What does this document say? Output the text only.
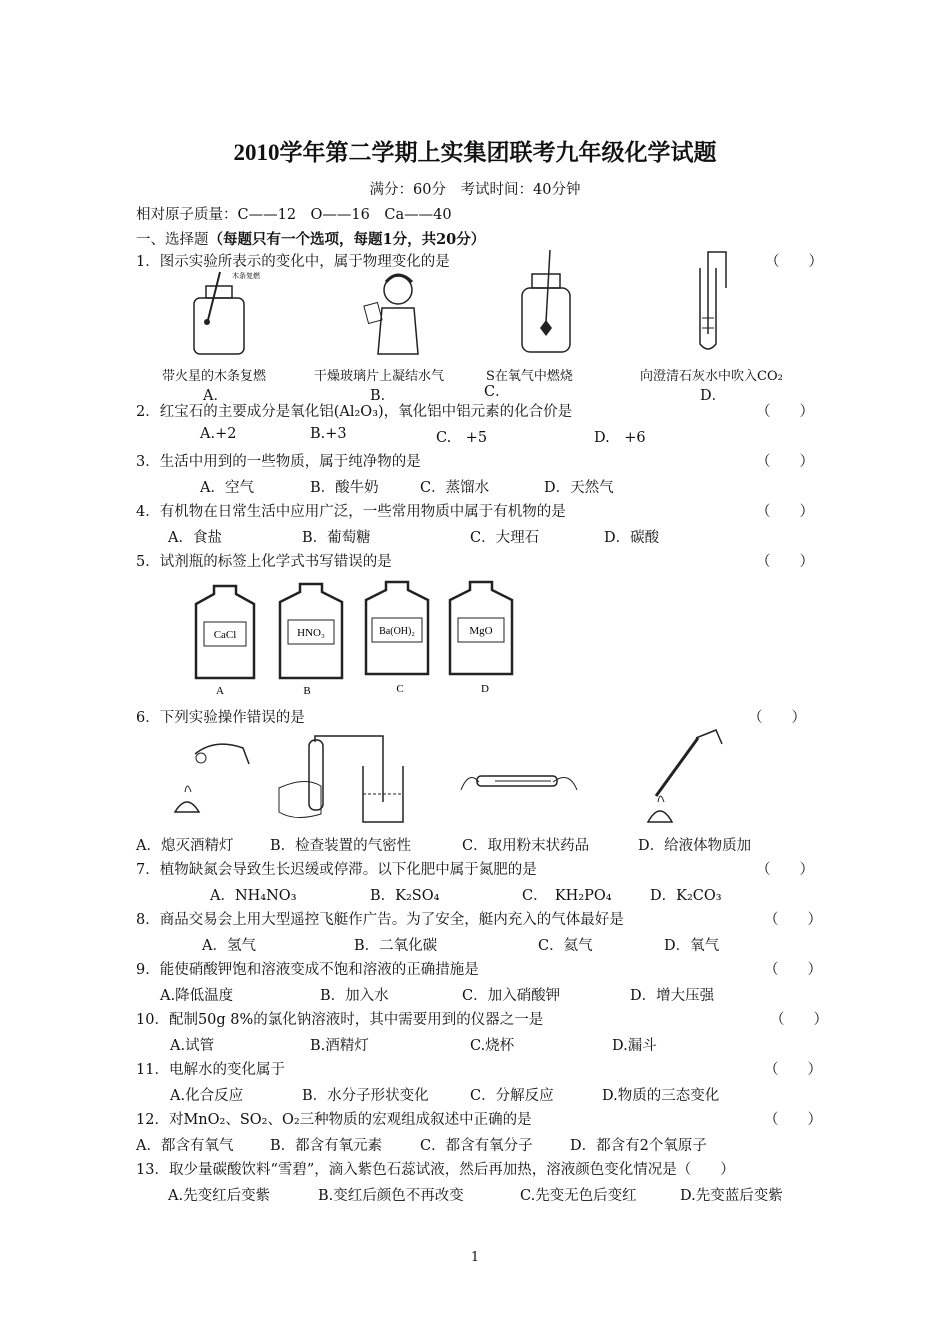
2010学年第二学期上实集团联考九年级化学试题
满分：60分　考试时间：40分钟
相对原子质量：C——12　O——16　Ca——40
一、选择题（每题只有一个选项，每题1分，共20分）
1．图示实验所表示的变化中，属于物理变化的是	（　　）
木条复燃
带火星的木条复燃	干燥玻璃片上凝结水气	S在氧气中燃烧	向澄清石灰水中吹入CO₂
A．	B．	C．	D．
2．红宝石的主要成分是氧化铝(Al₂O₃)，氧化铝中铝元素的化合价是	（　　）
A.+2	B.+3	C.　+5	D.　+6
3．生活中用到的一些物质，属于纯净物的是	（　　）
A．空气	B．酸牛奶	C．蒸馏水	D．天然气
4．有机物在日常生活中应用广泛，一些常用物质中属于有机物的是	（　　）
A．食盐	B．葡萄糖	C．大理石	D．碳酸
5．试剂瓶的标签上化学式书写错误的是	（　　）
CaCl
A
HNO₃
B
Ba(OH)₂
C
MgO
D
6．下列实验操作错误的是	（　　）
A．熄灭酒精灯	B．检查装置的气密性	C．取用粉末状药品	D．给液体物质加
7．植物缺氮会导致生长迟缓或停滞。以下化肥中属于氮肥的是	（　　）
A．NH₄NO₃	B．K₂SO₄	C．　KH₂PO₄	D．K₂CO₃
8．商品交易会上用大型遥控飞艇作广告。为了安全，艇内充入的气体最好是	（　　）
A．氢气	B．二氧化碳	C．氦气	D．氧气
9．能使硝酸钾饱和溶液变成不饱和溶液的正确措施是	（　　）
A.降低温度	B．加入水	C．加入硝酸钾	D．增大压强
10．配制50g 8%的氯化钠溶液时，其中需要用到的仪器之一是	（　　）
A.试管	B.酒精灯	C.烧杯	D.漏斗
11．电解水的变化属于	（　　）
A.化合反应	B．水分子形状变化	C．分解反应	D.物质的三态变化
12．对MnO₂、SO₂、O₂三种物质的宏观组成叙述中正确的是	（　　）
A．都含有氧气	B．都含有氧元素	C．都含有氧分子	D．都含有2个氧原子
13．取少量碳酸饮料“雪碧”，滴入紫色石蕊试液，然后再加热，溶液颜色变化情况是（　　）
A.先变红后变紫	B.变红后颜色不再改变	C.先变无色后变红	D.先变蓝后变紫
1
